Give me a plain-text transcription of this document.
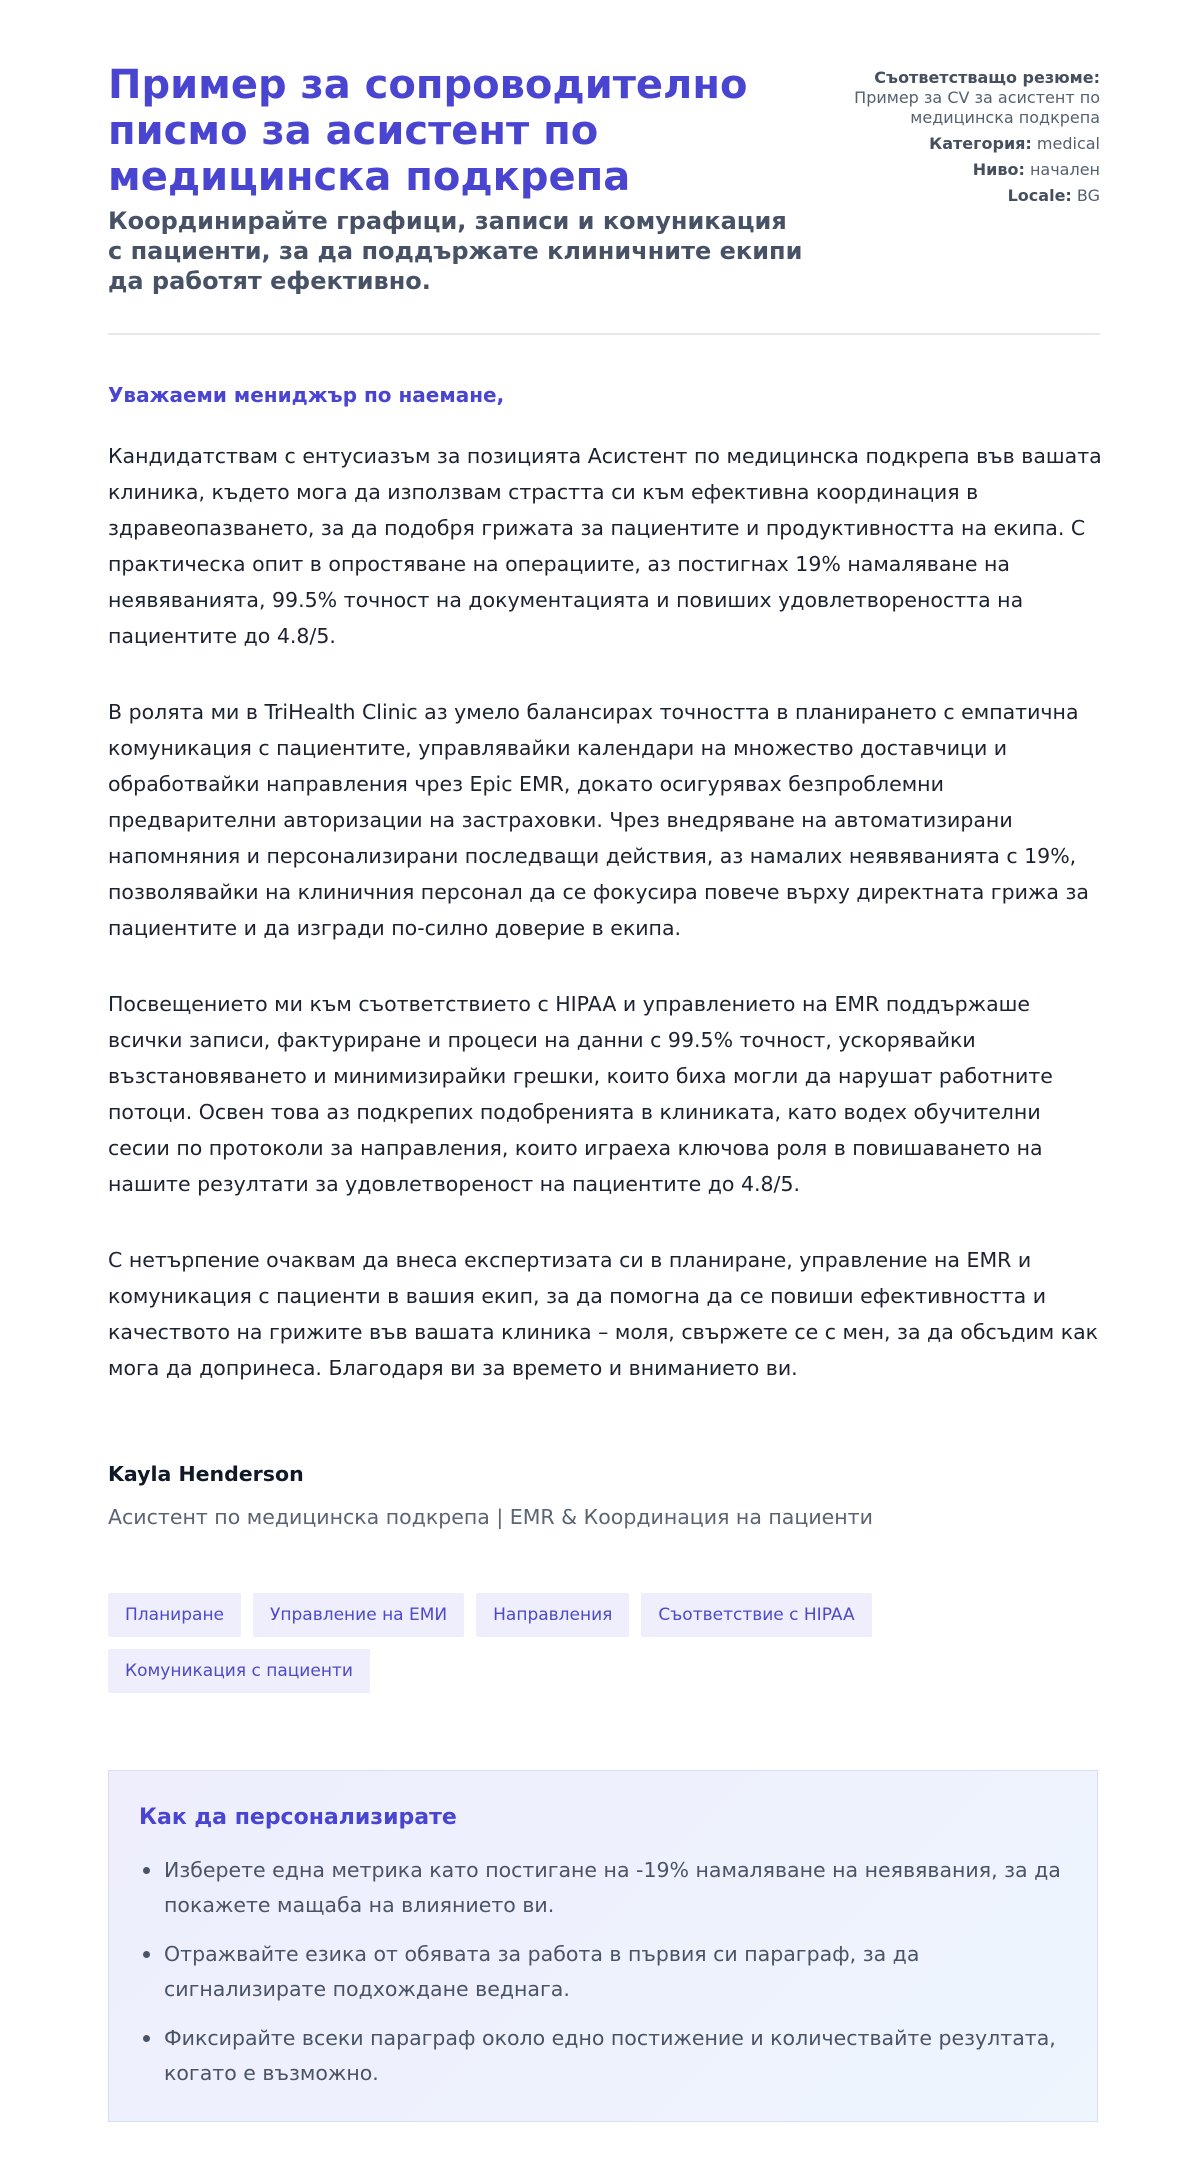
Пример за сопроводително писмо за асистент по медицинска подкрепа
Координирайте графици, записи и комуникация с пациенти, за да поддържате клиничните екипи да работят ефективно.
Съответстващо резюме:
Пример за CV за асистент по медицинска подкрепа
Категория: medical
Ниво: начален
Locale: BG
Уважаеми мениджър по наемане,

Кандидатствам с ентусиазъм за позицията Асистент по медицинска подкрепа във вашата клиника, където мога да използвам страстта си към ефективна координация в здравеопазването, за да подобря грижата за пациентите и продуктивността на екипа. С практическа опит в опростяване на операциите, аз постигнах 19% намаляване на неявяванията, 99.5% точност на документацията и повиших удовлетвореността на пациентите до 4.8/5.

В ролята ми в TriHealth Clinic аз умело балансирах точността в планирането с емпатична комуникация с пациентите, управлявайки календари на множество доставчици и обработвайки направления чрез Epic EMR, докато осигурявах безпроблемни предварителни авторизации на застраховки. Чрез внедряване на автоматизирани напомняния и персонализирани последващи действия, аз намалих неявяванията с 19%, позволявайки на клиничния персонал да се фокусира повече върху директната грижа за пациентите и да изгради по-силно доверие в екипа.

Посвещението ми към съответствието с HIPAA и управлението на EMR поддържаше всички записи, фактуриране и процеси на данни с 99.5% точност, ускорявайки възстановяването и минимизирайки грешки, които биха могли да нарушат работните потоци. Освен това аз подкрепих подобренията в клиниката, като водех обучителни сесии по протоколи за направления, които играеха ключова роля в повишаването на нашите резултати за удовлетвореност на пациентите до 4.8/5.

С нетърпение очаквам да внеса експертизата си в планиране, управление на EMR и комуникация с пациенти в вашия екип, за да помогна да се повиши ефективността и качеството на грижите във вашата клиника – моля, свържете се с мен, за да обсъдим как мога да допринеса. Благодаря ви за времето и вниманието ви.

Kayla Henderson
Асистент по медицинска подкрепа | EMR & Координация на пациенти
Планиране	Управление на ЕМИ	Направления	Съответствие с HIPAA
Комуникация с пациенти
Как да персонализирате
Изберете една метрика като постигане на -19% намаляване на неявявания, за да покажете мащаба на влиянието ви.
Отражвайте езика от обявата за работа в първия си параграф, за да сигнализирате подхождане веднага.
Фиксирайте всеки параграф около едно постижение и количествайте резултата, когато е възможно.
